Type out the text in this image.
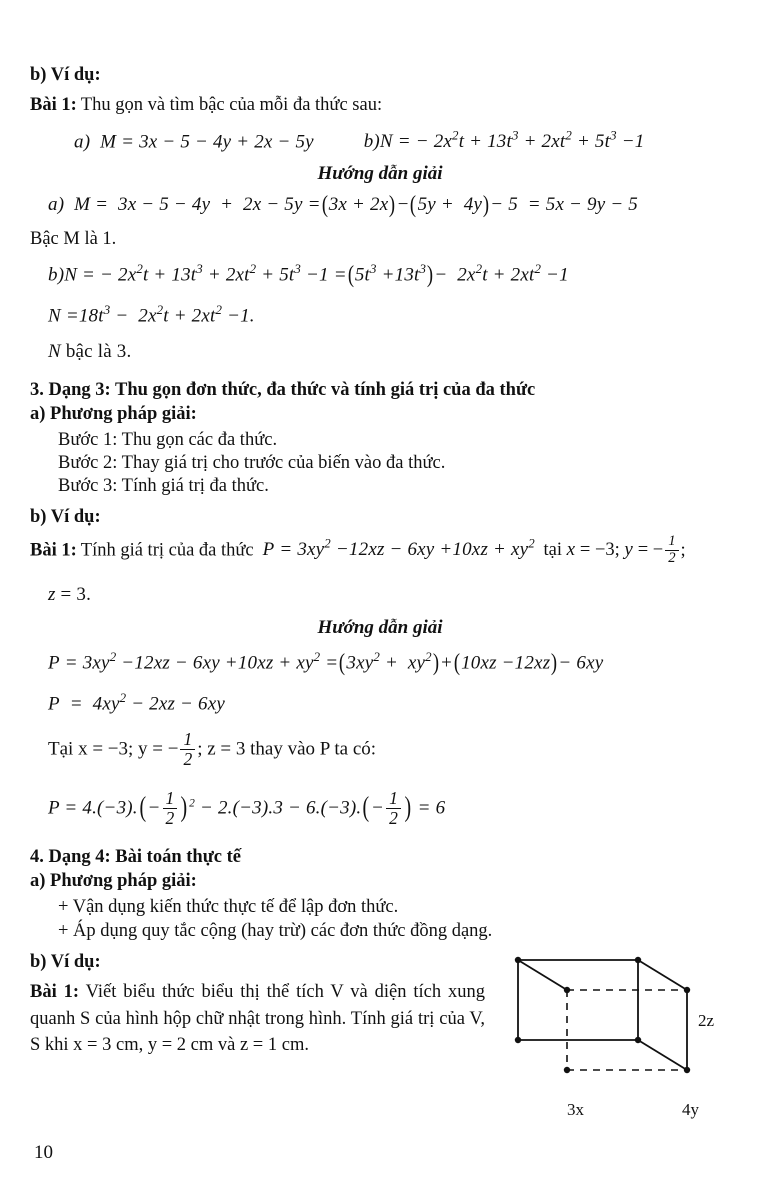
b) Ví dụ:
Bài 1: Thu gọn và tìm bậc của mỗi đa thức sau:
a)  M = 3x − 5 − 4y + 2x − 5y	b)N = − $2x^2t + 13t^3 + 2xt^2 + 5t^3 -1$
Hướng dẫn giải
a)  M =  3x − 5 − 4y  +  2x − 5y =(3x + 2x)−(5y +  4y)− 5  = 5x − 9y − 5
Bậc M là 1.
b)N = − $2x^2t + 13t^3 + 2xt^2 + 5t^3 -1 =(5t^3 +13t^3)- 2x^2t + 2xt^2 -1$
$N =18t^3 - 2x^2t + 2xt^2 -1$.
N bậc là 3.
3. Dạng 3: Thu gọn đơn thức, đa thức và tính giá trị của đa thức
a) Phương pháp giải:
Bước 1: Thu gọn các đa thức.
Bước 2: Thay giá trị cho trước của biến vào đa thức.
Bước 3: Tính giá trị đa thức.
b) Ví dụ:
Bài 1: Tính giá trị của đa thức  $P = 3xy^2 -12xz - 6xy +10xz + xy^2$  tại x = −3; y = − $\frac{1}{2}$ ;
z = 3.
Hướng dẫn giải
$P = 3xy^2 -12xz - 6xy +10xz + xy^2 =(3xy^2 + xy^2)+(10xz -12xz)- 6xy$
$P = 4xy^2 - 2xz - 6xy$
Tại x = −3; y = − $\frac{1}{2}$ ; z = 3 thay vào P ta có:
$P = 4.(-3).(- \frac{1}{2} )^2 - 2.(-3).3 - 6.(-3).(- \frac{1}{2}$ ) = 6
4. Dạng 4: Bài toán thực tế
a) Phương pháp giải:
+ Vận dụng kiến thức thực tế để lập đơn thức.
+ Áp dụng quy tắc cộng (hay trừ) các đơn thức đồng dạng.
b) Ví dụ:

Bài 1: Viết biểu thức biểu thị thể tích V và diện tích xung quanh S của hình hộp chữ nhật trong hình. Tính giá trị của V, S khi x = 3 cm, y = 2 cm và z = 1 cm.

2z
3x	4y
10
